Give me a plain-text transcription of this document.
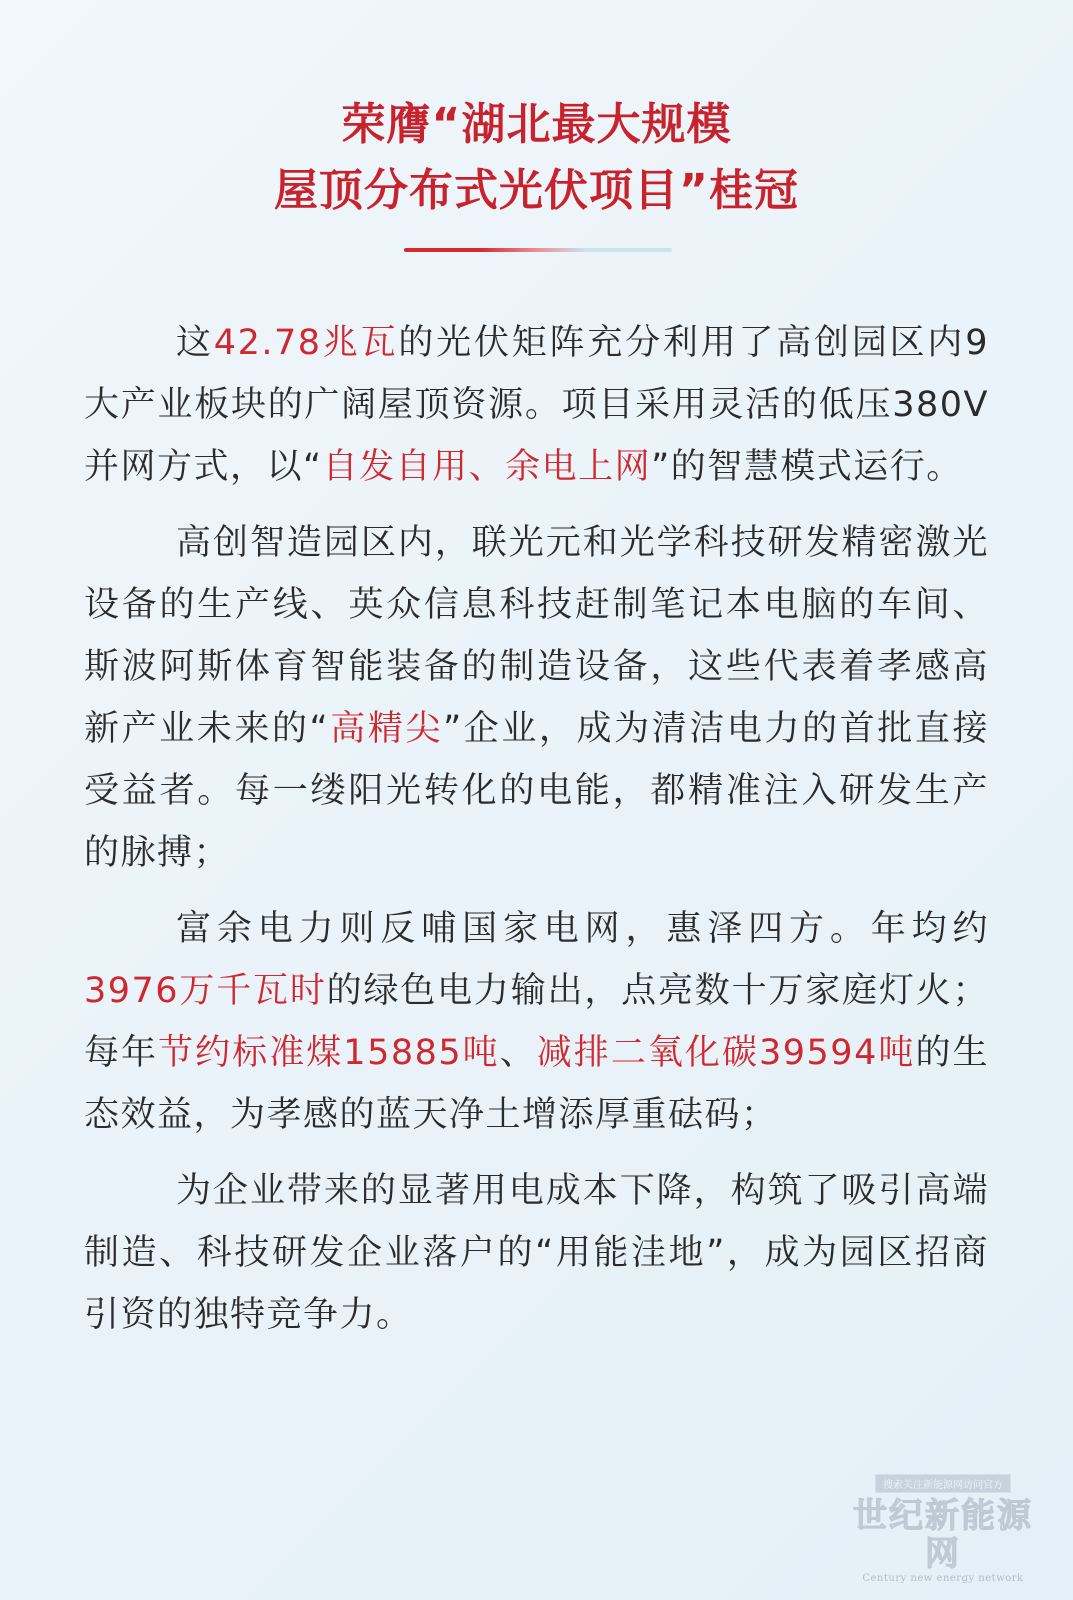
荣膺“湖北最大规模
屋顶分布式光伏项目”桂冠

这42.78兆瓦的光伏矩阵充分利用了高创园区内9大产业板块的广阔屋顶资源。项目采用灵活的低压380V并网方式，以“自发自用、余电上网”的智慧模式运行。

高创智造园区内，联光元和光学科技研发精密激光设备的生产线、英众信息科技赶制笔记本电脑的车间、斯波阿斯体育智能装备的制造设备，这些代表着孝感高新产业未来的“高精尖”企业，成为清洁电力的首批直接受益者。每一缕阳光转化的电能，都精准注入研发生产的脉搏；

富余电力则反哺国家电网，惠泽四方。年均约3976万千瓦时的绿色电力输出，点亮数十万家庭灯火；每年节约标准煤15885吨、减排二氧化碳39594吨的生态效益，为孝感的蓝天净土增添厚重砝码；

为企业带来的显著用电成本下降，构筑了吸引高端制造、科技研发企业落户的“用能洼地”，成为园区招商引资的独特竞争力。

搜索关注新能源网访问官方
世纪新能源网
Century new energy network
